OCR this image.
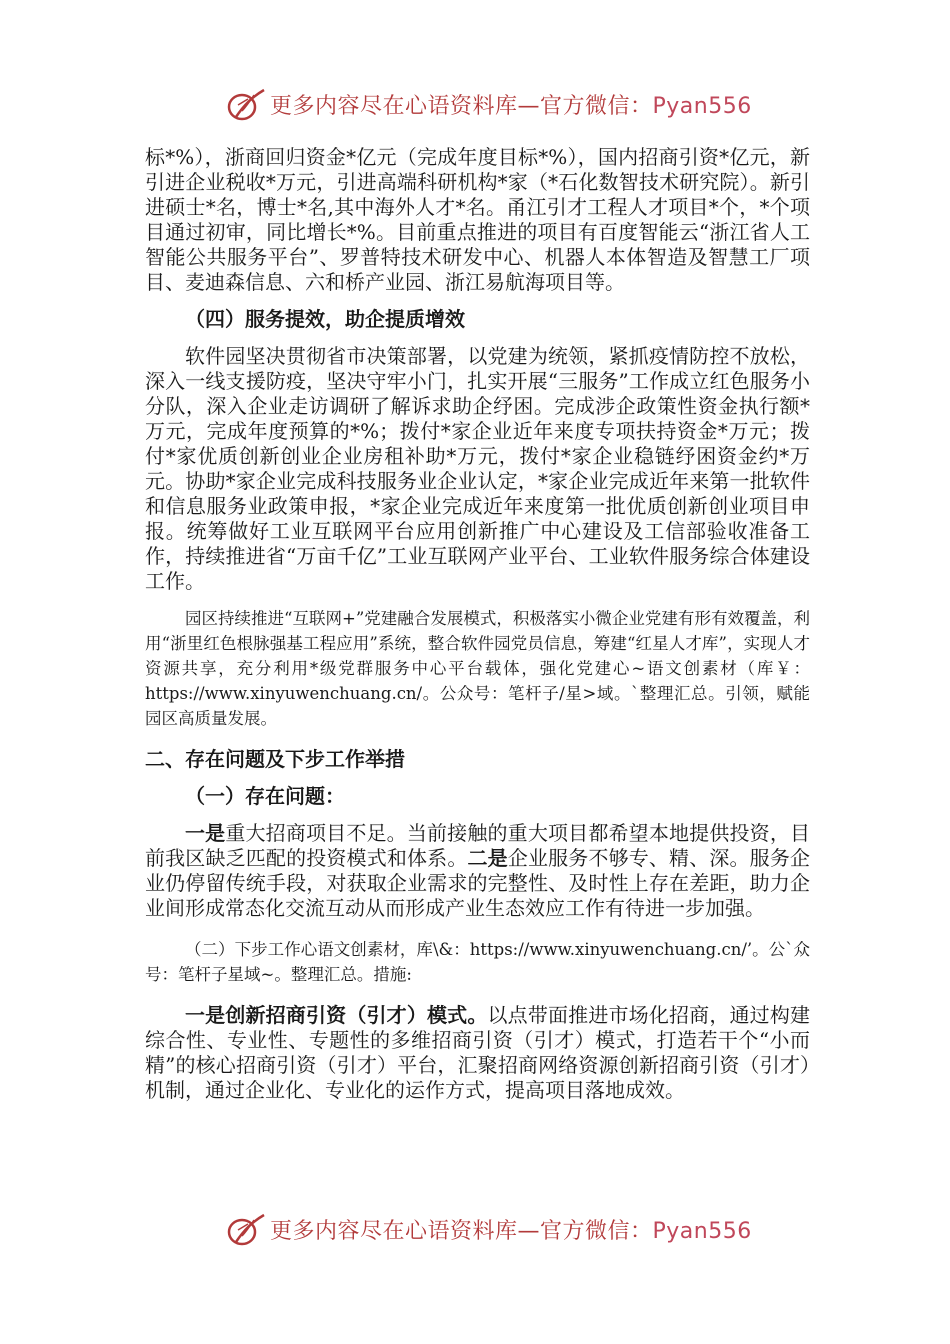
更多内容尽在心语资料库—官方微信：Pyan556

标*%），浙商回归资金*亿元（完成年度目标*%），国内招商引资*亿元，新引进企业税收*万元，引进高端科研机构*家（*石化数智技术研究院）。新引进硕士*名，博士*名,其中海外人才*名。甬江引才工程人才项目*个，*个项目通过初审，同比增长*%。目前重点推进的项目有百度智能云“浙江省人工智能公共服务平台”、罗普特技术研发中心、机器人本体智造及智慧工厂项目、麦迪森信息、六和桥产业园、浙江易航海项目等。

（四）服务提效，助企提质增效

软件园坚决贯彻省市决策部署，以党建为统领，紧抓疫情防控不放松，深入一线支援防疫，坚决守牢小门，扎实开展“三服务”工作成立红色服务小分队，深入企业走访调研了解诉求助企纾困。完成涉企政策性资金执行额*万元，完成年度预算的*%；拨付*家企业近年来度专项扶持资金*万元；拨付*家优质创新创业企业房租补助*万元，拨付*家企业稳链纾困资金约*万元。协助*家企业完成科技服务业企业认定，*家企业完成近年来第一批软件和信息服务业政策申报，*家企业完成近年来度第一批优质创新创业项目申报。统筹做好工业互联网平台应用创新推广中心建设及工信部验收准备工作，持续推进省“万亩千亿”工业互联网产业平台、工业软件服务综合体建设工作。

园区持续推进“互联网+”党建融合发展模式，积极落实小微企业党建有形有效覆盖，利用“浙里红色根脉强基工程应用”系统，整合软件园党员信息，筹建“红星人才库”，实现人才资源共享，充分利用*级党群服务中心平台载体，强化党建心~语文创素材（库￥：https://www.xinyuwenchuang.cn/。公众号：笔杆子/星>域。`整理汇总。引领，赋能园区高质量发展。

二、存在问题及下步工作举措

（一）存在问题：

一是重大招商项目不足。当前接触的重大项目都希望本地提供投资，目前我区缺乏匹配的投资模式和体系。二是企业服务不够专、精、深。服务企业仍停留传统手段，对获取企业需求的完整性、及时性上存在差距，助力企业间形成常态化交流互动从而形成产业生态效应工作有待进一步加强。

（二）下步工作心语文创素材，库\&：https://www.xinyuwenchuang.cn/’。公`众号：笔杆子星域~。整理汇总。措施:

一是创新招商引资（引才）模式。以点带面推进市场化招商，通过构建综合性、专业性、专题性的多维招商引资（引才）模式，打造若干个“小而精”的核心招商引资（引才）平台，汇聚招商网络资源创新招商引资（引才）机制，通过企业化、专业化的运作方式，提高项目落地成效。

更多内容尽在心语资料库—官方微信：Pyan556
